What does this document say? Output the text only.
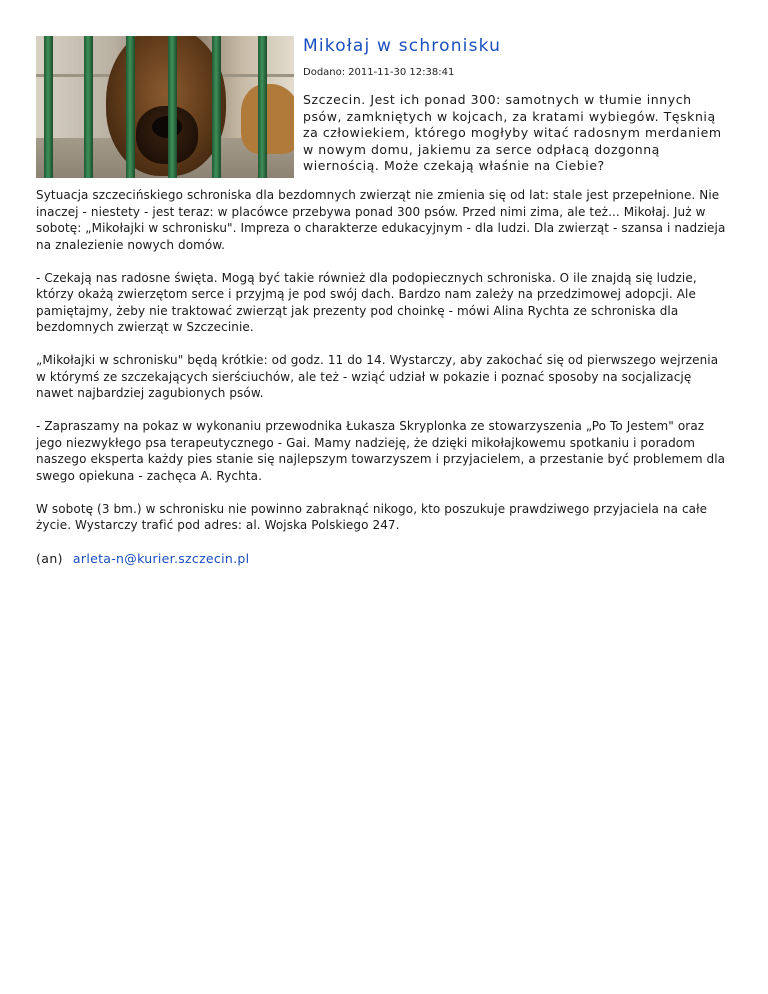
Mikołaj w schronisku
Dodano: 2011-11-30 12:38:41

Szczecin. Jest ich ponad 300: samotnych w tłumie innych psów, zamkniętych w kojcach, za kratami wybiegów. Tęsknią za człowiekiem, którego mogłyby witać radosnym merdaniem w nowym domu, jakiemu za serce odpłacą dozgonną wiernością. Może czekają właśnie na Ciebie?

Sytuacja szczecińskiego schroniska dla bezdomnych zwierząt nie zmienia się od lat: stale jest przepełnione. Nie inaczej - niestety - jest teraz: w placówce przebywa ponad 300 psów. Przed nimi zima, ale też... Mikołaj. Już w sobotę: „Mikołajki w schronisku". Impreza o charakterze edukacyjnym - dla ludzi. Dla zwierząt - szansa i nadzieja na znalezienie nowych domów.

- Czekają nas radosne święta. Mogą być takie również dla podopiecznych schroniska. O ile znajdą się ludzie, którzy okażą zwierzętom serce i przyjmą je pod swój dach. Bardzo nam zależy na przedzimowej adopcji. Ale pamiętajmy, żeby nie traktować zwierząt jak prezenty pod choinkę - mówi Alina Rychta ze schroniska dla bezdomnych zwierząt w Szczecinie.

„Mikołajki w schronisku" będą krótkie: od godz. 11 do 14. Wystarczy, aby zakochać się od pierwszego wejrzenia w którymś ze szczekających sierściuchów, ale też - wziąć udział w pokazie i poznać sposoby na socjalizację nawet najbardziej zagubionych psów.

- Zapraszamy na pokaz w wykonaniu przewodnika Łukasza Skryplonka ze stowarzyszenia „Po To Jestem" oraz jego niezwykłego psa terapeutycznego - Gai. Mamy nadzieję, że dzięki mikołajkowemu spotkaniu i poradom naszego eksperta każdy pies stanie się najlepszym towarzyszem i przyjacielem, a przestanie być problemem dla swego opiekuna - zachęca A. Rychta.

W sobotę (3 bm.) w schronisku nie powinno zabraknąć nikogo, kto poszukuje prawdziwego przyjaciela na całe życie. Wystarczy trafić pod adres: al. Wojska Polskiego 247.

(an) arleta-n@kurier.szczecin.pl
